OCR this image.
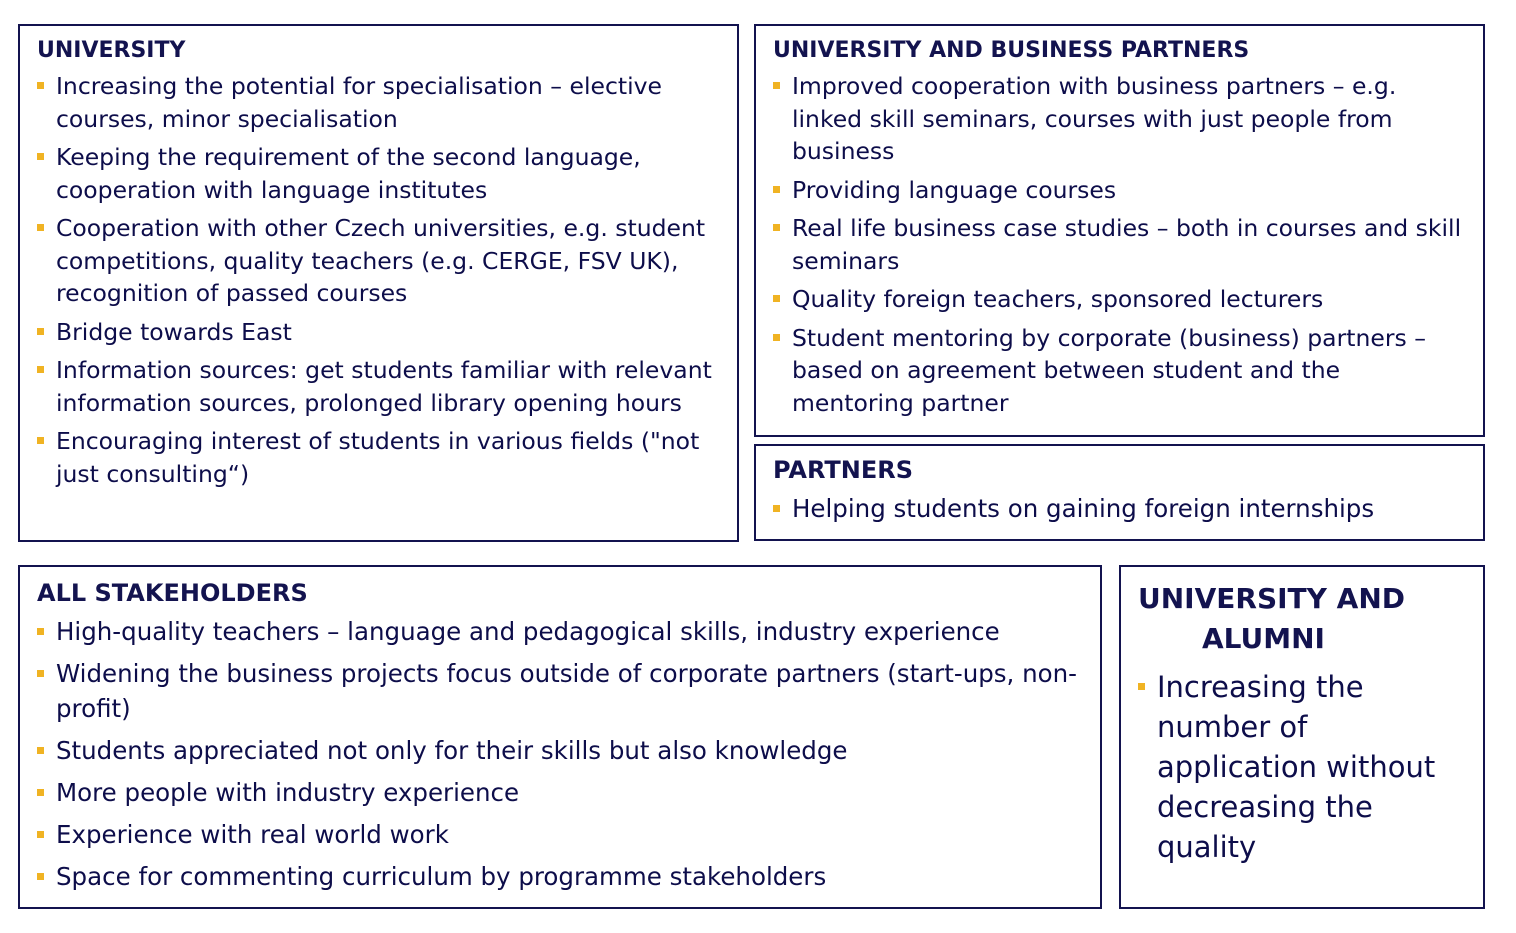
UNIVERSITY
Increasing the potential for specialisation – elective courses, minor specialisation
Keeping the requirement of the second language, cooperation with language institutes
Cooperation with other Czech universities, e.g. student competitions, quality teachers (e.g. CERGE, FSV UK), recognition of passed courses
Bridge towards East
Information sources: get students familiar with relevant information sources, prolonged library opening hours
Encouraging interest of students in various fields ("not just consulting“)
UNIVERSITY AND BUSINESS PARTNERS
Improved cooperation with business partners – e.g. linked skill seminars, courses with just people from business
Providing language courses
Real life business case studies – both in courses and skill seminars
Quality foreign teachers, sponsored lecturers
Student mentoring by corporate (business) partners – based on agreement between student and the mentoring partner
PARTNERS
Helping students on gaining foreign internships
ALL STAKEHOLDERS
High-quality teachers – language and pedagogical skills, industry experience
Widening the business projects focus outside of corporate partners (start-ups, non-profit)
Students appreciated not only for their skills but also knowledge
More people with industry experience
Experience with real world work
Space for commenting curriculum by programme stakeholders
UNIVERSITY AND
ALUMNI
Increasing the number of application without decreasing the quality
